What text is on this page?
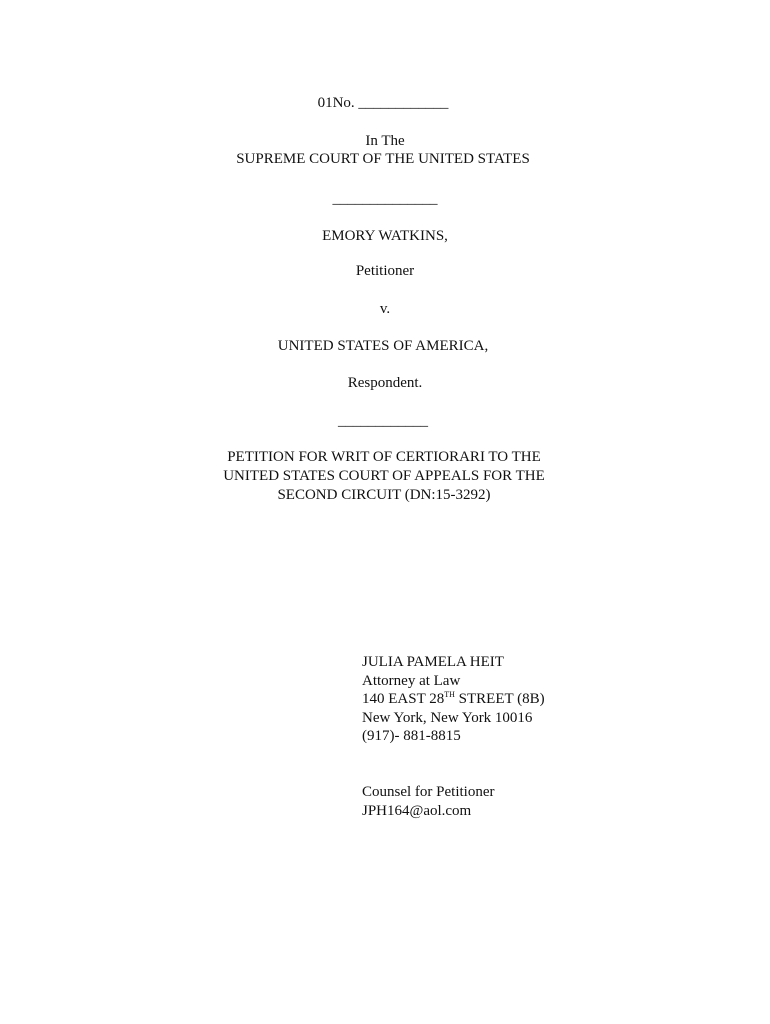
01No. ____________
In The
SUPREME COURT OF THE UNITED STATES
______________
EMORY WATKINS,
Petitioner
v.
UNITED STATES OF AMERICA,
Respondent.
____________
PETITION FOR WRIT OF CERTIORARI TO THE
UNITED STATES COURT OF APPEALS FOR THE
SECOND CIRCUIT (DN:15-3292)
JULIA PAMELA HEIT
Attorney at Law
140 EAST 28TH STREET (8B)
New York, New York 10016
(917)- 881-8815
Counsel for Petitioner
JPH164@aol.com
